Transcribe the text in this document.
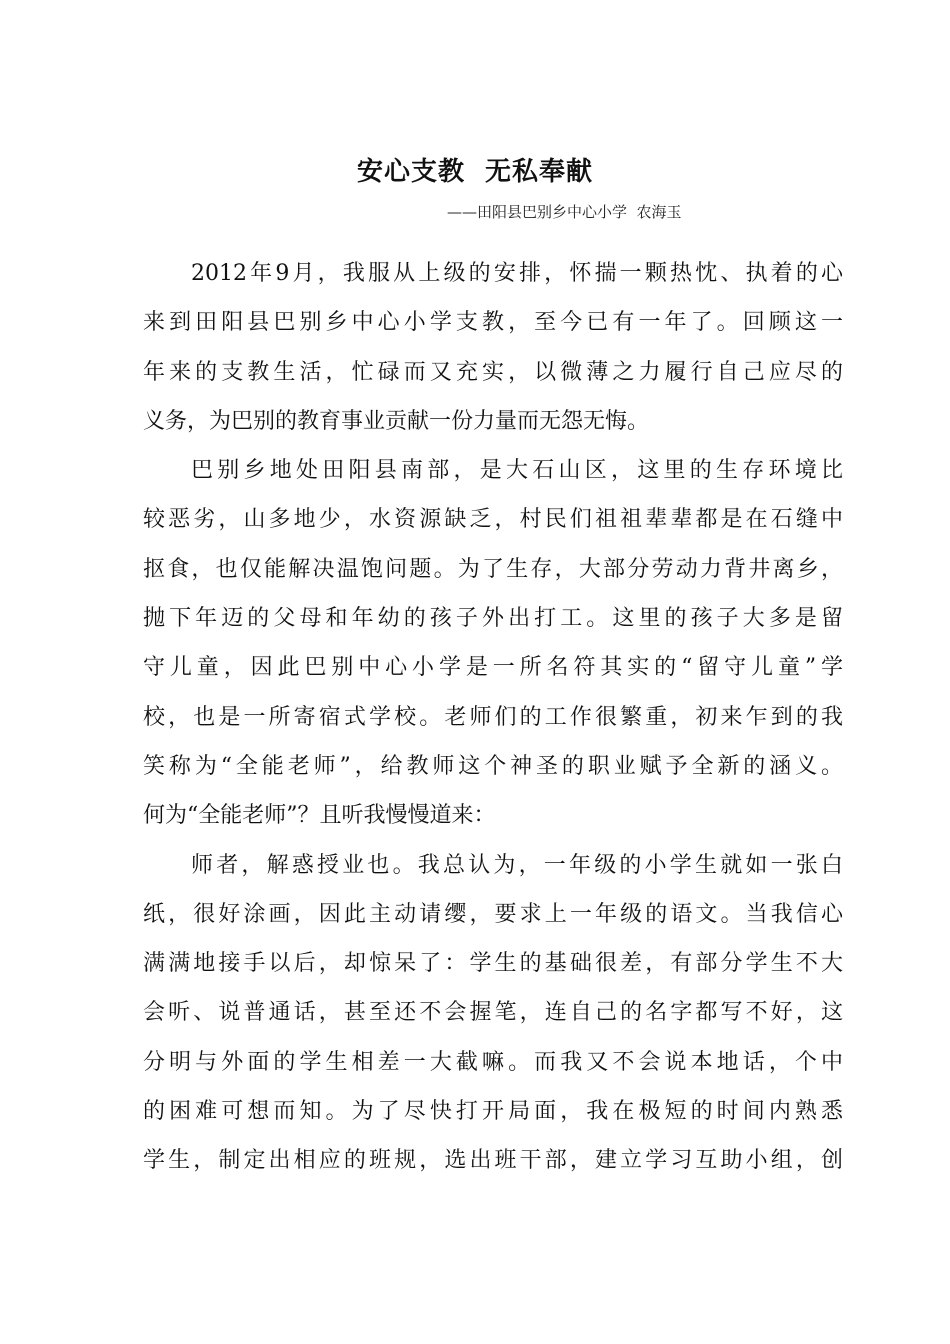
安心支教  无私奉献
——田阳县巴别乡中心小学  农海玉
2012年9月，我服从上级的安排，怀揣一颗热忱、执着的心
来到田阳县巴别乡中心小学支教，至今已有一年了。回顾这一
年来的支教生活，忙碌而又充实，以微薄之力履行自己应尽的
义务，为巴别的教育事业贡献一份力量而无怨无悔。
巴别乡地处田阳县南部，是大石山区，这里的生存环境比
较恶劣，山多地少，水资源缺乏，村民们祖祖辈辈都是在石缝中
抠食，也仅能解决温饱问题。为了生存，大部分劳动力背井离乡，
抛下年迈的父母和年幼的孩子外出打工。这里的孩子大多是留
守儿童，因此巴别中心小学是一所名符其实的“留守儿童”学
校，也是一所寄宿式学校。老师们的工作很繁重，初来乍到的我
笑称为“全能老师”，给教师这个神圣的职业赋予全新的涵义。
何为“全能老师”？且听我慢慢道来：
师者，解惑授业也。我总认为，一年级的小学生就如一张白
纸，很好涂画，因此主动请缨，要求上一年级的语文。当我信心
满满地接手以后，却惊呆了：学生的基础很差，有部分学生不大
会听、说普通话，甚至还不会握笔，连自己的名字都写不好，这
分明与外面的学生相差一大截嘛。而我又不会说本地话，个中
的困难可想而知。为了尽快打开局面，我在极短的时间内熟悉
学生，制定出相应的班规，选出班干部，建立学习互助小组，创
